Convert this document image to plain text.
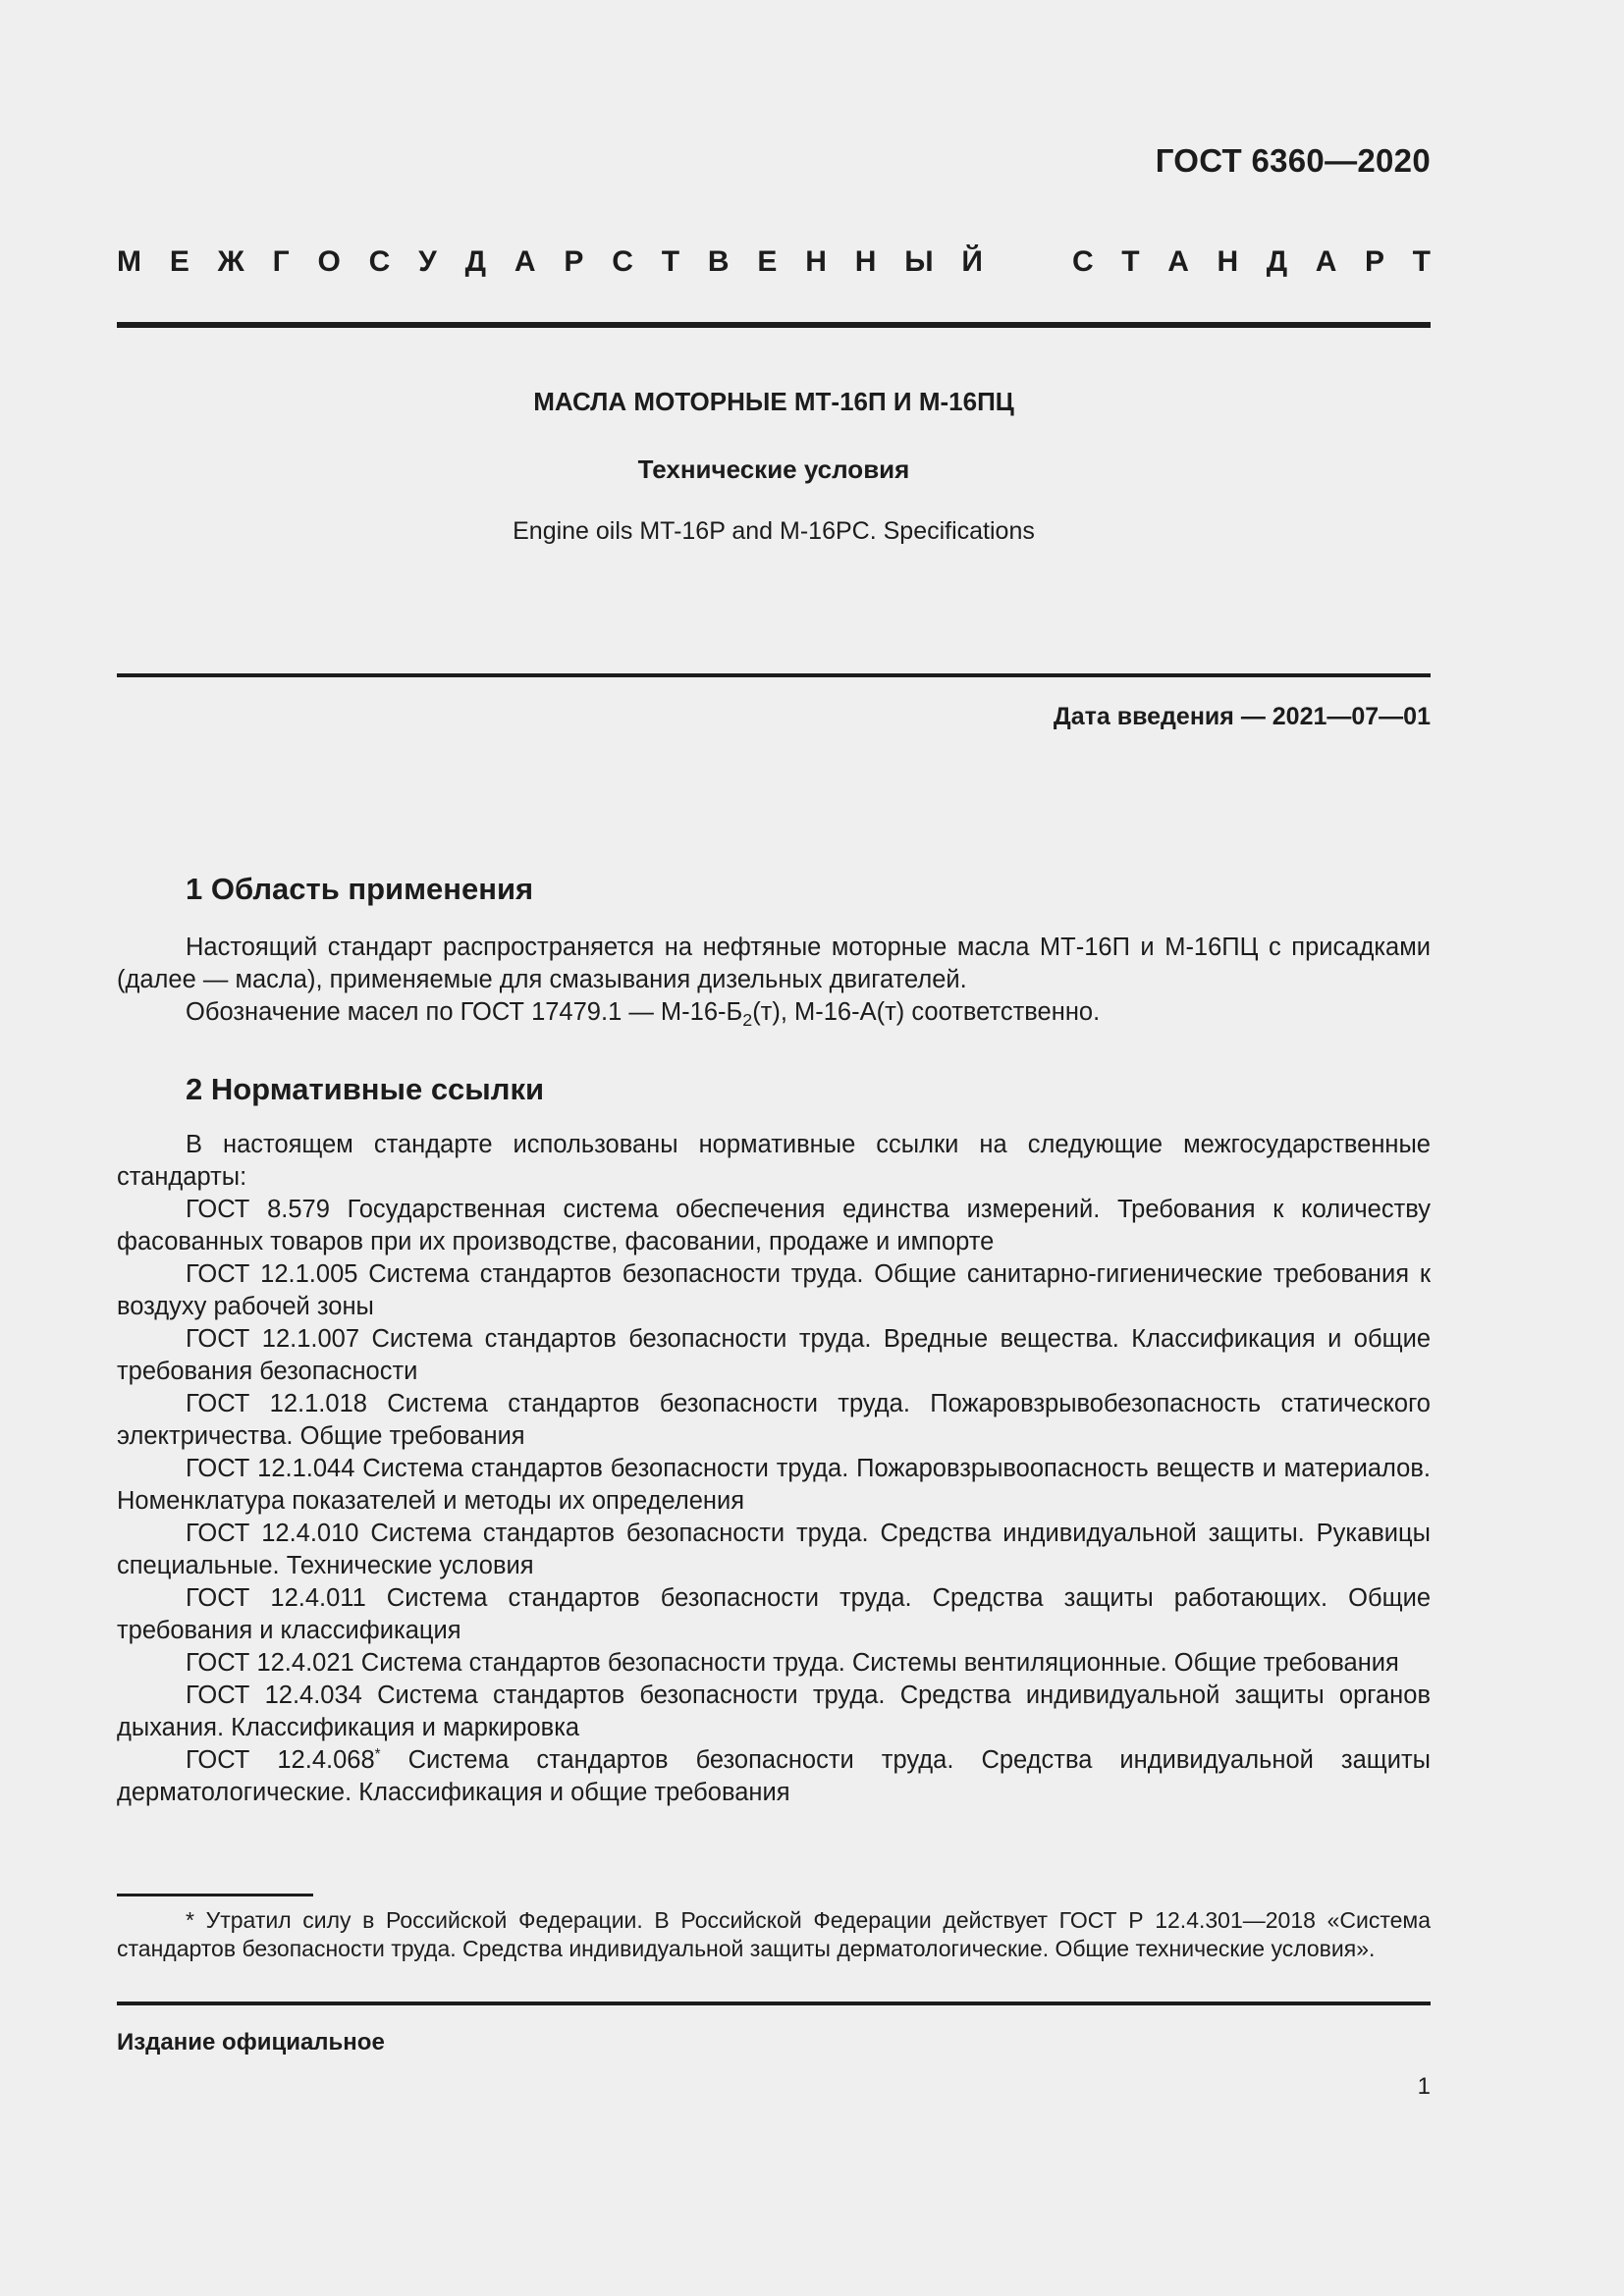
ГОСТ 6360—2020
М Е Ж Г О С У Д А Р С Т В Е Н Н Ы Й	С Т А Н Д А Р Т
МАСЛА МОТОРНЫЕ МТ-16П И М-16ПЦ
Технические условия
Engine oils MT-16P and M-16PC. Specifications
Дата введения — 2021—07—01
1 Область применения

Настоящий стандарт распространяется на нефтяные моторные масла МТ-16П и М-16ПЦ с присадками (далее — масла), применяемые для смазывания дизельных двигателей.

Обозначение масел по ГОСТ 17479.1 — $М-16-Б_2(т)$, М-16-А(т) соответственно.

2 Нормативные ссылки

В настоящем стандарте использованы нормативные ссылки на следующие межгосударственные стандарты:

ГОСТ 8.579 Государственная система обеспечения единства измерений. Требования к количеству фасованных товаров при их производстве, фасовании, продаже и импорте

ГОСТ 12.1.005 Система стандартов безопасности труда. Общие санитарно-гигиенические требования к воздуху рабочей зоны

ГОСТ 12.1.007 Система стандартов безопасности труда. Вредные вещества. Классификация и общие требования безопасности

ГОСТ 12.1.018 Система стандартов безопасности труда. Пожаровзрывобезопасность статического электричества. Общие требования

ГОСТ 12.1.044 Система стандартов безопасности труда. Пожаровзрывоопасность веществ и материалов. Номенклатура показателей и методы их определения

ГОСТ 12.4.010 Система стандартов безопасности труда. Средства индивидуальной защиты. Рукавицы специальные. Технические условия

ГОСТ 12.4.011 Система стандартов безопасности труда. Средства защиты работающих. Общие требования и классификация

ГОСТ 12.4.021 Система стандартов безопасности труда. Системы вентиляционные. Общие требования

ГОСТ 12.4.034 Система стандартов безопасности труда. Средства индивидуальной защиты органов дыхания. Классификация и маркировка

ГОСТ 12.4.068* Система стандартов безопасности труда. Средства индивидуальной защиты дерматологические. Классификация и общие требования

* Утратил силу в Российской Федерации. В Российской Федерации действует ГОСТ Р 12.4.301—2018 «Система стандартов безопасности труда. Средства индивидуальной защиты дерматологические. Общие технические условия».
Издание официальное
1
